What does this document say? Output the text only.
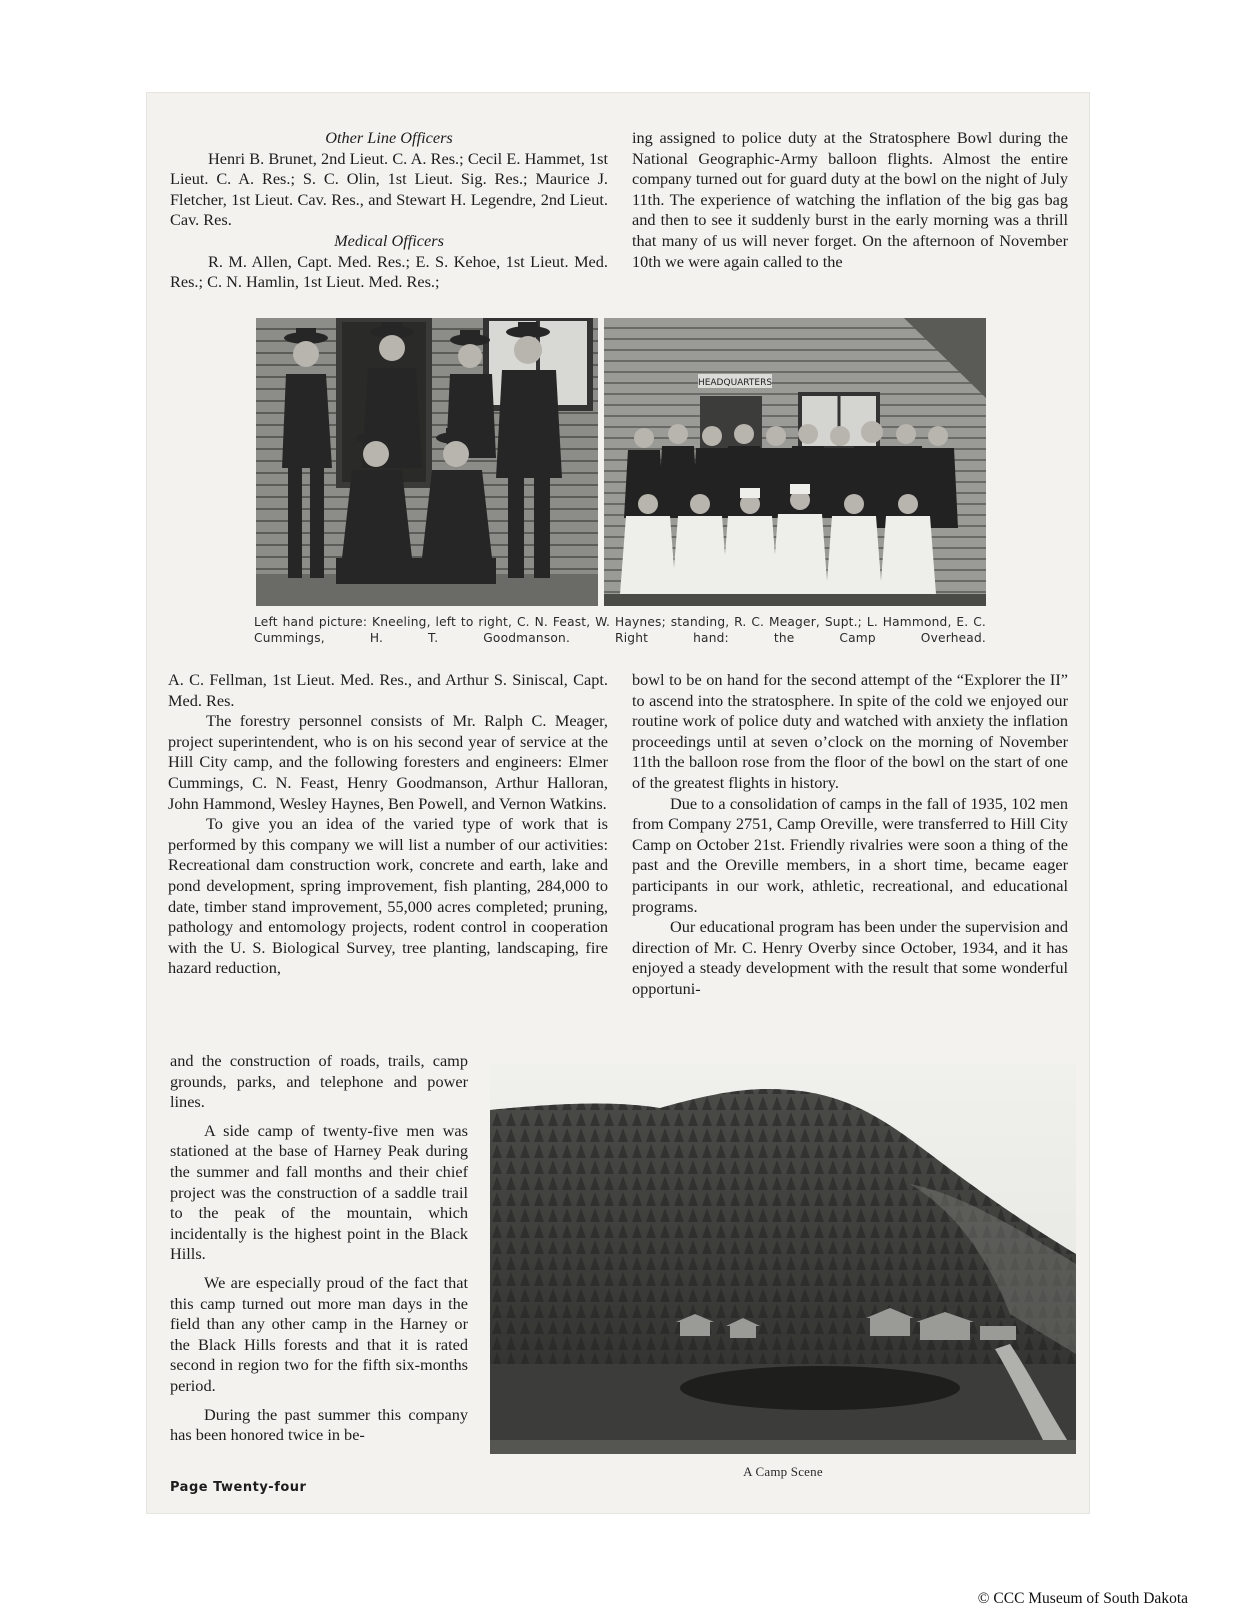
Other Line Officers

Henri B. Brunet, 2nd Lieut. C. A. Res.; Cecil E. Hammet, 1st Lieut. C. A. Res.; S. C. Olin, 1st Lieut. Sig. Res.; Maurice J. Fletcher, 1st Lieut. Cav. Res., and Stewart H. Legendre, 2nd Lieut. Cav. Res.

Medical Officers

R. M. Allen, Capt. Med. Res.; E. S. Kehoe, 1st Lieut. Med. Res.; C. N. Hamlin, 1st Lieut. Med. Res.;

ing assigned to police duty at the Stratosphere Bowl during the National Geographic-Army balloon flights. Almost the entire company turned out for guard duty at the bowl on the night of July 11th. The experience of watching the inflation of the big gas bag and then to see it suddenly burst in the early morning was a thrill that many of us will never forget. On the afternoon of November 10th we were again called to the

HEADQUARTERS
Left hand picture: Kneeling, left to right, C. N. Feast, W. Haynes; standing, R. C. Meager, Supt.; L. Hammond, E. C. Cummings, H. T. Goodmanson. Right hand: the Camp Overhead.

A. C. Fellman, 1st Lieut. Med. Res., and Arthur S. Siniscal, Capt. Med. Res.

The forestry personnel consists of Mr. Ralph C. Meager, project superintendent, who is on his second year of service at the Hill City camp, and the following foresters and engineers: Elmer Cummings, C. N. Feast, Henry Goodmanson, Arthur Halloran, John Hammond, Wesley Haynes, Ben Powell, and Vernon Watkins.

To give you an idea of the varied type of work that is performed by this company we will list a number of our activities: Recreational dam construction work, concrete and earth, lake and pond development, spring improvement, fish planting, 284,000 to date, timber stand improvement, 55,000 acres completed; pruning, pathology and entomology projects, rodent control in cooperation with the U. S. Biological Survey, tree planting, landscaping, fire hazard reduction,

bowl to be on hand for the second attempt of the “Explorer the II” to ascend into the stratosphere. In spite of the cold we enjoyed our routine work of police duty and watched with anxiety the inflation proceedings until at seven o’clock on the morning of November 11th the balloon rose from the floor of the bowl on the start of one of the greatest flights in history.

Due to a consolidation of camps in the fall of 1935, 102 men from Company 2751, Camp Oreville, were transferred to Hill City Camp on October 21st. Friendly rivalries were soon a thing of the past and the Oreville members, in a short time, became eager participants in our work, athletic, recreational, and educational programs.

Our educational program has been under the supervision and direction of Mr. C. Henry Overby since October, 1934, and it has enjoyed a steady development with the result that some wonderful opportuni-

and the construction of roads, trails, camp grounds, parks, and telephone and power lines.

A side camp of twenty-five men was stationed at the base of Harney Peak during the summer and fall months and their chief project was the construction of a saddle trail to the peak of the mountain, which incidentally is the highest point in the Black Hills.

We are especially proud of the fact that this camp turned out more man days in the field than any other camp in the Harney or the Black Hills forests and that it is rated second in region two for the fifth six-months period.

During the past summer this company has been honored twice in be-

A Camp Scene
Page Twenty-four
© CCC Museum of South Dakota
